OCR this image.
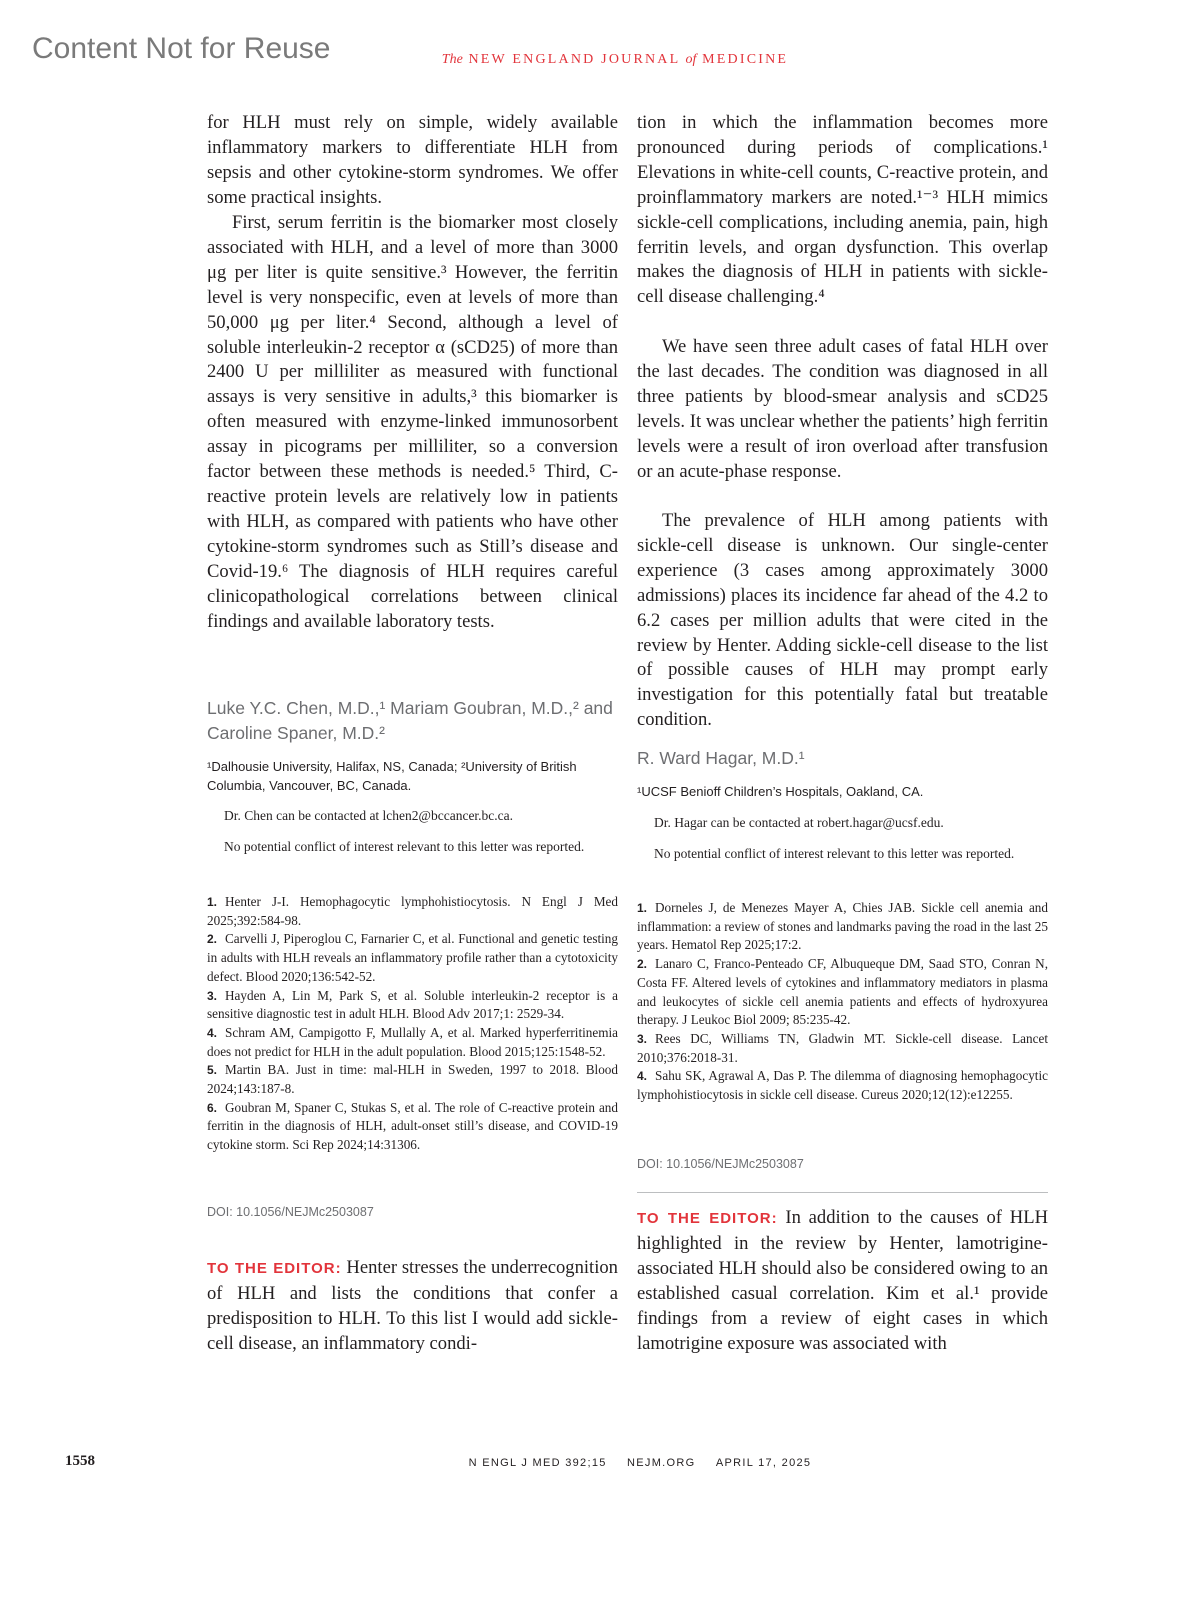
Content Not for Reuse	The NEW ENGLAND JOURNAL of MEDICINE

for HLH must rely on simple, widely available inflammatory markers to differentiate HLH from sepsis and other cytokine-storm syndromes. We offer some practical insights.

First, serum ferritin is the biomarker most closely associated with HLH, and a level of more than 3000 μg per liter is quite sensitive.³ However, the ferritin level is very nonspecific, even at levels of more than 50,000 μg per liter.⁴ Second, although a level of soluble interleukin-2 receptor α (sCD25) of more than 2400 U per milliliter as measured with functional assays is very sensitive in adults,³ this biomarker is often measured with enzyme-linked immunosorbent assay in picograms per milliliter, so a conversion factor between these methods is needed.⁵ Third, C-reactive protein levels are relatively low in patients with HLH, as compared with patients who have other cytokine-storm syndromes such as Still’s disease and Covid-19.⁶ The diagnosis of HLH requires careful clinicopathological correlations between clinical findings and available laboratory tests.

Luke Y.C. Chen, M.D.,¹ Mariam Goubran, M.D.,² and Caroline Spaner, M.D.²

¹Dalhousie University, Halifax, NS, Canada; ²University of British Columbia, Vancouver, BC, Canada.

Dr. Chen can be contacted at lchen2@bccancer.bc.ca.

No potential conflict of interest relevant to this letter was reported.

1. Henter J-I. Hemophagocytic lymphohistiocytosis. N Engl J Med 2025;392:584-98.
2. Carvelli J, Piperoglou C, Farnarier C, et al. Functional and genetic testing in adults with HLH reveals an inflammatory profile rather than a cytotoxicity defect. Blood 2020;136:542-52.
3. Hayden A, Lin M, Park S, et al. Soluble interleukin-2 receptor is a sensitive diagnostic test in adult HLH. Blood Adv 2017;1: 2529-34.
4. Schram AM, Campigotto F, Mullally A, et al. Marked hyperferritinemia does not predict for HLH in the adult population. Blood 2015;125:1548-52.
5. Martin BA. Just in time: mal-HLH in Sweden, 1997 to 2018. Blood 2024;143:187-8.
6. Goubran M, Spaner C, Stukas S, et al. The role of C-reactive protein and ferritin in the diagnosis of HLH, adult-onset still’s disease, and COVID-19 cytokine storm. Sci Rep 2024;14:31306.
DOI: 10.1056/NEJMc2503087

TO THE EDITOR: Henter stresses the underrecognition of HLH and lists the conditions that confer a predisposition to HLH. To this list I would add sickle-cell disease, an inflammatory condi-

tion in which the inflammation becomes more pronounced during periods of complications.¹ Elevations in white-cell counts, C-reactive protein, and proinflammatory markers are noted.¹⁻³ HLH mimics sickle-cell complications, including anemia, pain, high ferritin levels, and organ dysfunction. This overlap makes the diagnosis of HLH in patients with sickle-cell disease challenging.⁴

We have seen three adult cases of fatal HLH over the last decades. The condition was diagnosed in all three patients by blood-smear analysis and sCD25 levels. It was unclear whether the patients’ high ferritin levels were a result of iron overload after transfusion or an acute-phase response.

The prevalence of HLH among patients with sickle-cell disease is unknown. Our single-center experience (3 cases among approximately 3000 admissions) places its incidence far ahead of the 4.2 to 6.2 cases per million adults that were cited in the review by Henter. Adding sickle-cell disease to the list of possible causes of HLH may prompt early investigation for this potentially fatal but treatable condition.

R. Ward Hagar, M.D.¹

¹UCSF Benioff Children’s Hospitals, Oakland, CA.

Dr. Hagar can be contacted at robert.hagar@ucsf.edu.

No potential conflict of interest relevant to this letter was reported.

1. Dorneles J, de Menezes Mayer A, Chies JAB. Sickle cell anemia and inflammation: a review of stones and landmarks paving the road in the last 25 years. Hematol Rep 2025;17:2.
2. Lanaro C, Franco-Penteado CF, Albuqueque DM, Saad STO, Conran N, Costa FF. Altered levels of cytokines and inflammatory mediators in plasma and leukocytes of sickle cell anemia patients and effects of hydroxyurea therapy. J Leukoc Biol 2009; 85:235-42.
3. Rees DC, Williams TN, Gladwin MT. Sickle-cell disease. Lancet 2010;376:2018-31.
4. Sahu SK, Agrawal A, Das P. The dilemma of diagnosing hemophagocytic lymphohistiocytosis in sickle cell disease. Cureus 2020;12(12):e12255.
DOI: 10.1056/NEJMc2503087

TO THE EDITOR: In addition to the causes of HLH highlighted in the review by Henter, lamotrigine-associated HLH should also be considered owing to an established casual correlation. Kim et al.¹ provide findings from a review of eight cases in which lamotrigine exposure was associated with

1558	N ENGL J MED 392;15 NEJM.ORG APRIL 17, 2025
